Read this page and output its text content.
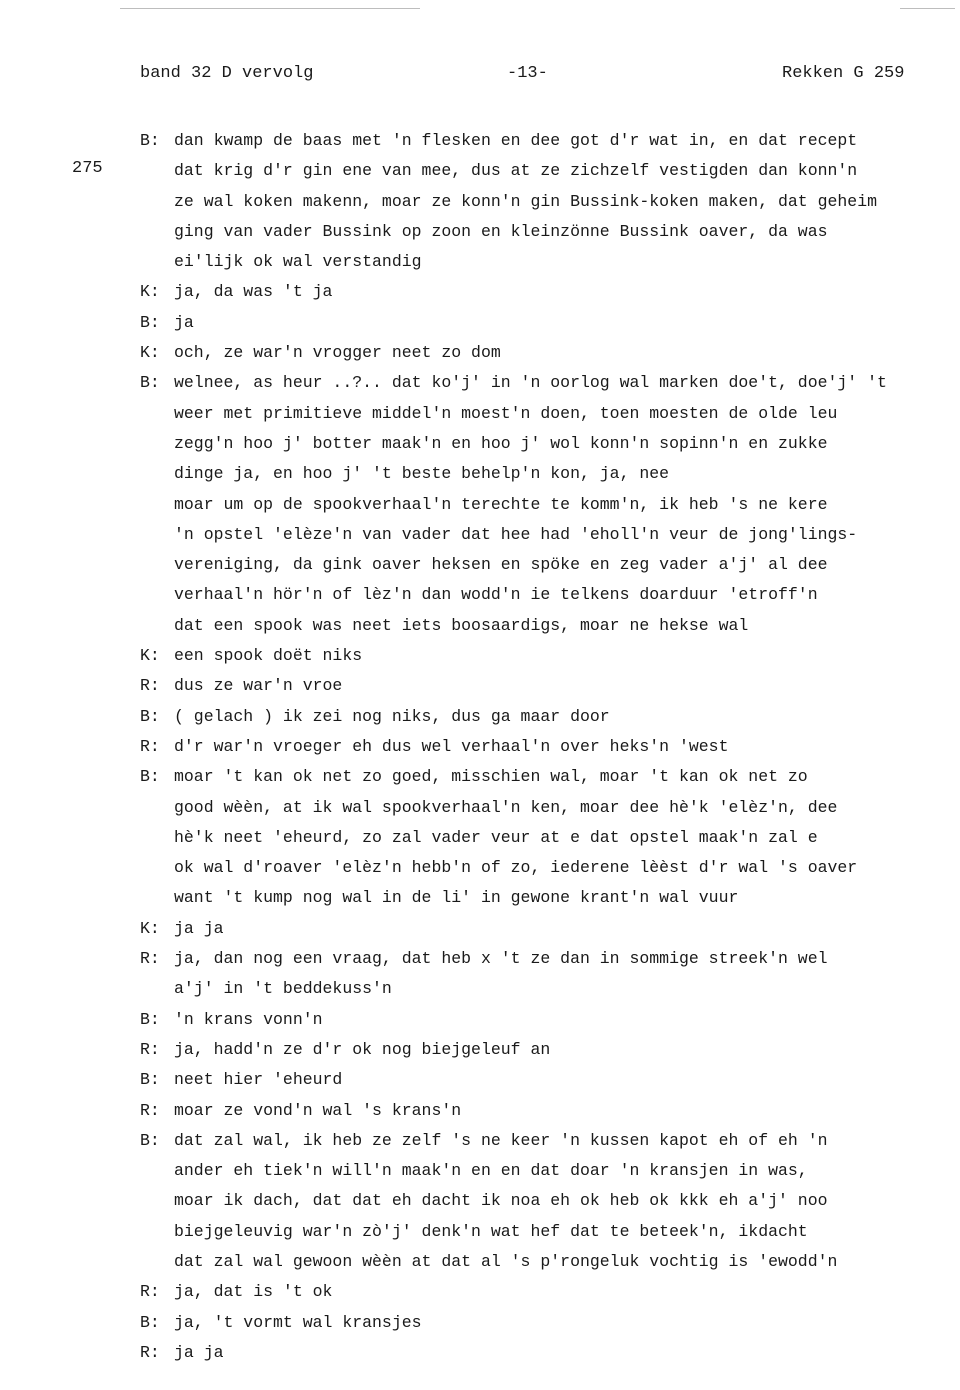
band 32 D vervolg	-13-	Rekken G 259
275
B: dan kwamp de baas met 'n flesken en dee got d'r wat in, en dat recept
dat krig d'r gin ene van mee, dus at ze zichzelf vestigden dan konn'n
ze wal koken makenn, moar ze konn'n gin Bussink-koken maken, dat geheim
ging van vader Bussink op zoon en kleinzönne Bussink oaver, da was
ei'lijk ok wal verstandig
K: ja, da was 't ja
B: ja
K: och, ze war'n vrogger neet zo dom
B: welnee, as heur ..?.. dat ko'j' in 'n oorlog wal marken doe't, doe'j' 't
weer met primitieve middel'n moest'n doen, toen moesten de olde leu
zegg'n hoo j' botter maak'n en hoo j' wol konn'n sopinn'n en zukke
dinge ja, en hoo j' 't beste behelp'n kon, ja, nee
moar um op de spookverhaal'n terechte te komm'n, ik heb 's ne kere
'n opstel 'elèze'n van vader dat hee had 'eholl'n veur de jong'lings-
vereniging, da gink oaver heksen en spöke en zeg vader a'j' al dee
verhaal'n hör'n of lèz'n dan wodd'n ie telkens doarduur 'etroff'n
dat een spook was neet iets boosaardigs, moar ne hekse wal
K: een spook doët niks
R: dus ze war'n vroe
B: ( gelach ) ik zei nog niks, dus ga maar door
R: d'r war'n vroeger eh dus wel verhaal'n over heks'n 'west
B: moar 't kan ok net zo goed, misschien wal, moar 't kan ok net zo
good wèèn, at ik wal spookverhaal'n ken, moar dee hè'k 'elèz'n, dee
hè'k neet 'eheurd, zo zal vader veur at e dat opstel maak'n zal e
ok wal d'roaver 'elèz'n hebb'n of zo, iederene lèèst d'r wal 's oaver
want 't kump nog wal in de li' in gewone krant'n wal vuur
K: ja ja
R: ja, dan nog een vraag, dat heb x 't ze dan in sommige streek'n wel
a'j' in 't beddekuss'n
B: 'n krans vonn'n
R: ja, hadd'n ze d'r ok nog biejgeleuf an
B: neet hier 'eheurd
R: moar ze vond'n wal 's krans'n
B: dat zal wal, ik heb ze zelf 's ne keer 'n kussen kapot eh of eh 'n
ander eh tiek'n will'n maak'n en en dat doar 'n kransjen in was,
moar ik dach, dat dat eh dacht ik noa eh ok heb ok kkk eh a'j' noo
biejgeleuvig war'n zò'j' denk'n wat hef dat te beteek'n, ikdacht
dat zal wal gewoon wèèn at dat al 's p'rongeluk vochtig is 'ewodd'n
R: ja, dat is 't ok
B: ja, 't vormt wal kransjes
R: ja ja
